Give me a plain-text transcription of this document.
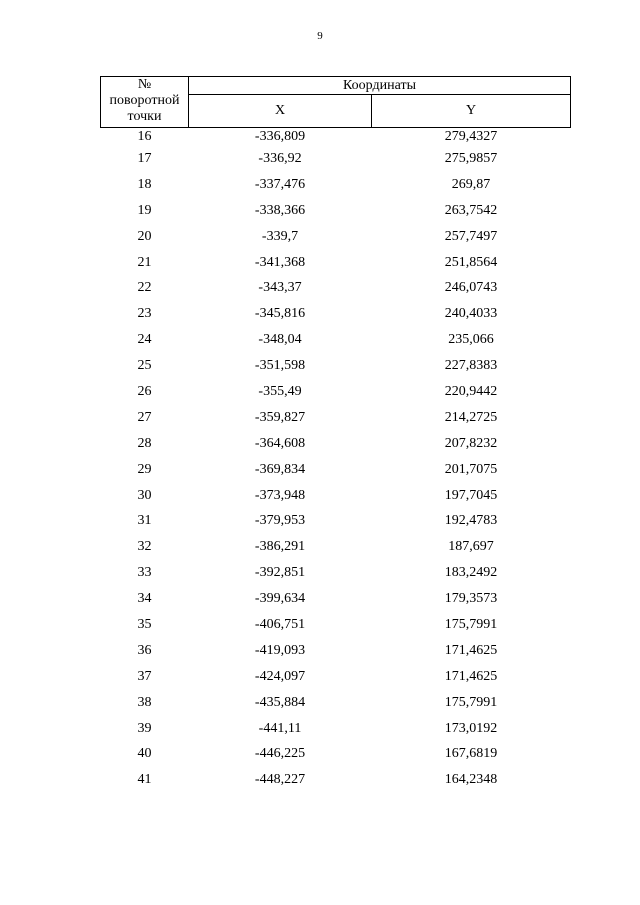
9
№
поворотной
точки	Координаты	
	X	Y
16	-336,809	279,4327
17	-336,92	275,9857
18	-337,476	269,87
19	-338,366	263,7542
20	-339,7	257,7497
21	-341,368	251,8564
22	-343,37	246,0743
23	-345,816	240,4033
24	-348,04	235,066
25	-351,598	227,8383
26	-355,49	220,9442
27	-359,827	214,2725
28	-364,608	207,8232
29	-369,834	201,7075
30	-373,948	197,7045
31	-379,953	192,4783
32	-386,291	187,697
33	-392,851	183,2492
34	-399,634	179,3573
35	-406,751	175,7991
36	-419,093	171,4625
37	-424,097	171,4625
38	-435,884	175,7991
39	-441,11	173,0192
40	-446,225	167,6819
41	-448,227	164,2348
